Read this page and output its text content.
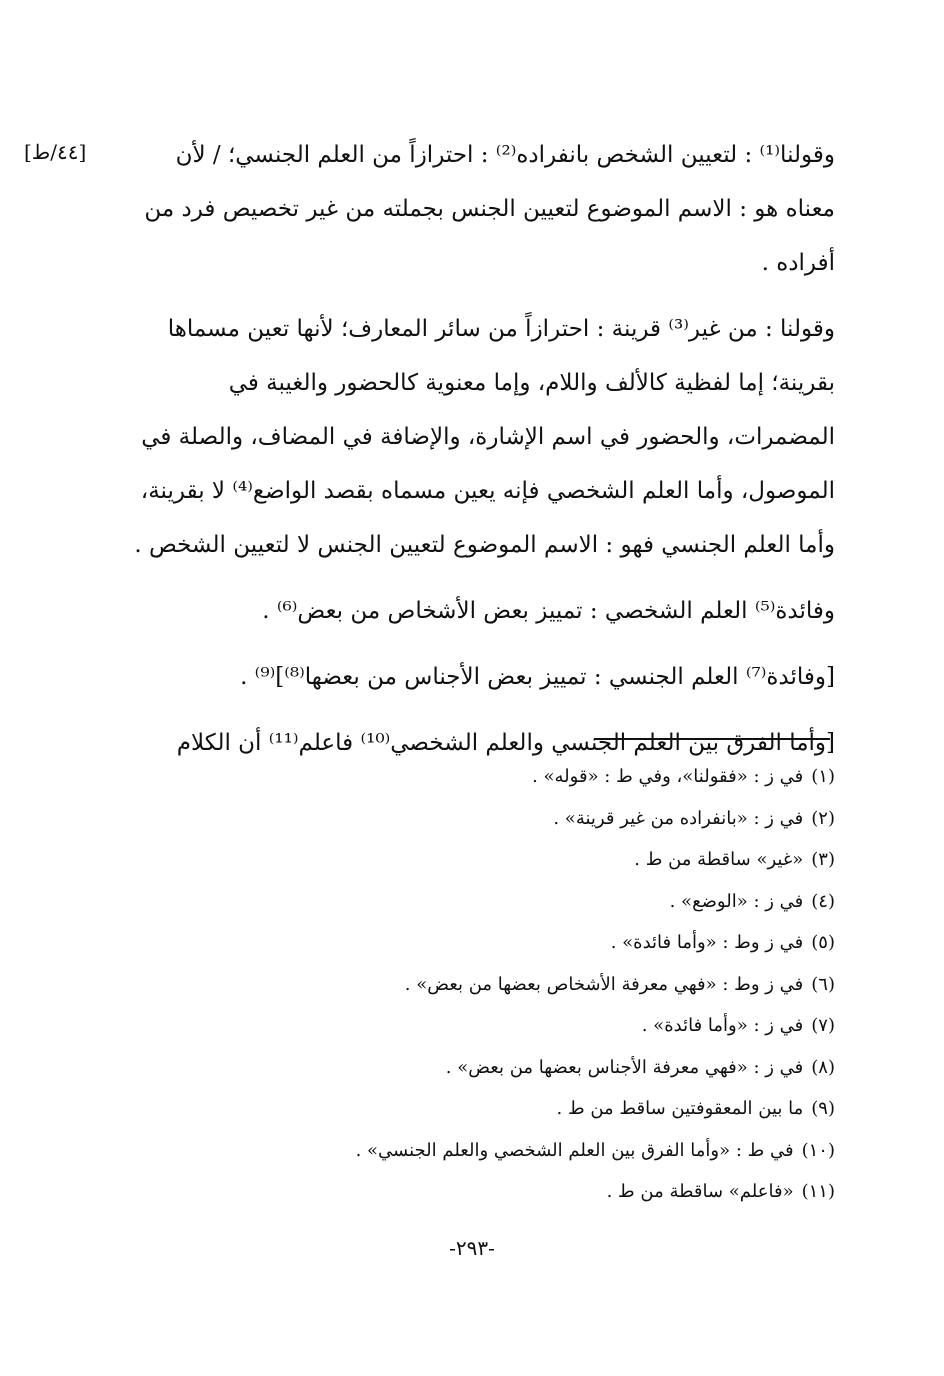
[٤٤/ط]	وقولنا⁽¹⁾ : لتعيين الشخص بانفراده⁽²⁾ : احترازاً من العلم الجنسي؛ / لأن
معناه هو : الاسم الموضوع لتعيين الجنس بجملته من غير تخصيص فرد من
أفراده .
وقولنا : من غير⁽³⁾ قرينة : احترازاً من سائر المعارف؛ لأنها تعين مسماها
بقرينة؛ إما لفظية كالألف واللام، وإما معنوية كالحضور والغيبة في
المضمرات، والحضور في اسم الإشارة، والإضافة في المضاف، والصلة في
الموصول، وأما العلم الشخصي فإنه يعين مسماه بقصد الواضع⁽⁴⁾ لا بقرينة،
وأما العلم الجنسي فهو : الاسم الموضوع لتعيين الجنس لا لتعيين الشخص .
وفائدة⁽⁵⁾ العلم الشخصي : تمييز بعض الأشخاص من بعض⁽⁶⁾ .
[وفائدة⁽⁷⁾ العلم الجنسي : تمييز بعض الأجناس من بعضها⁽⁸⁾]⁽⁹⁾ .
[وأما الفرق بين العلم الجنسي والعلم الشخصي⁽¹⁰⁾ فاعلم⁽¹¹⁾ أن الكلام
(١)
في ز : «فقولنا»، وفي ط : «قوله» .
(٢)
في ز : «بانفراده من غير قرينة» .
(٣)
«غير» ساقطة من ط .
(٤)
في ز : «الوضع» .
(٥)
في ز وط : «وأما فائدة» .
(٦)
في ز وط : «فهي معرفة الأشخاص بعضها من بعض» .
(٧)
في ز : «وأما فائدة» .
(٨)
في ز : «فهي معرفة الأجناس بعضها من بعض» .
(٩)
ما بين المعقوفتين ساقط من ط .
(١٠)
في ط : «وأما الفرق بين العلم الشخصي والعلم الجنسي» .
(١١)
«فاعلم» ساقطة من ط .
-٢٩٣-
